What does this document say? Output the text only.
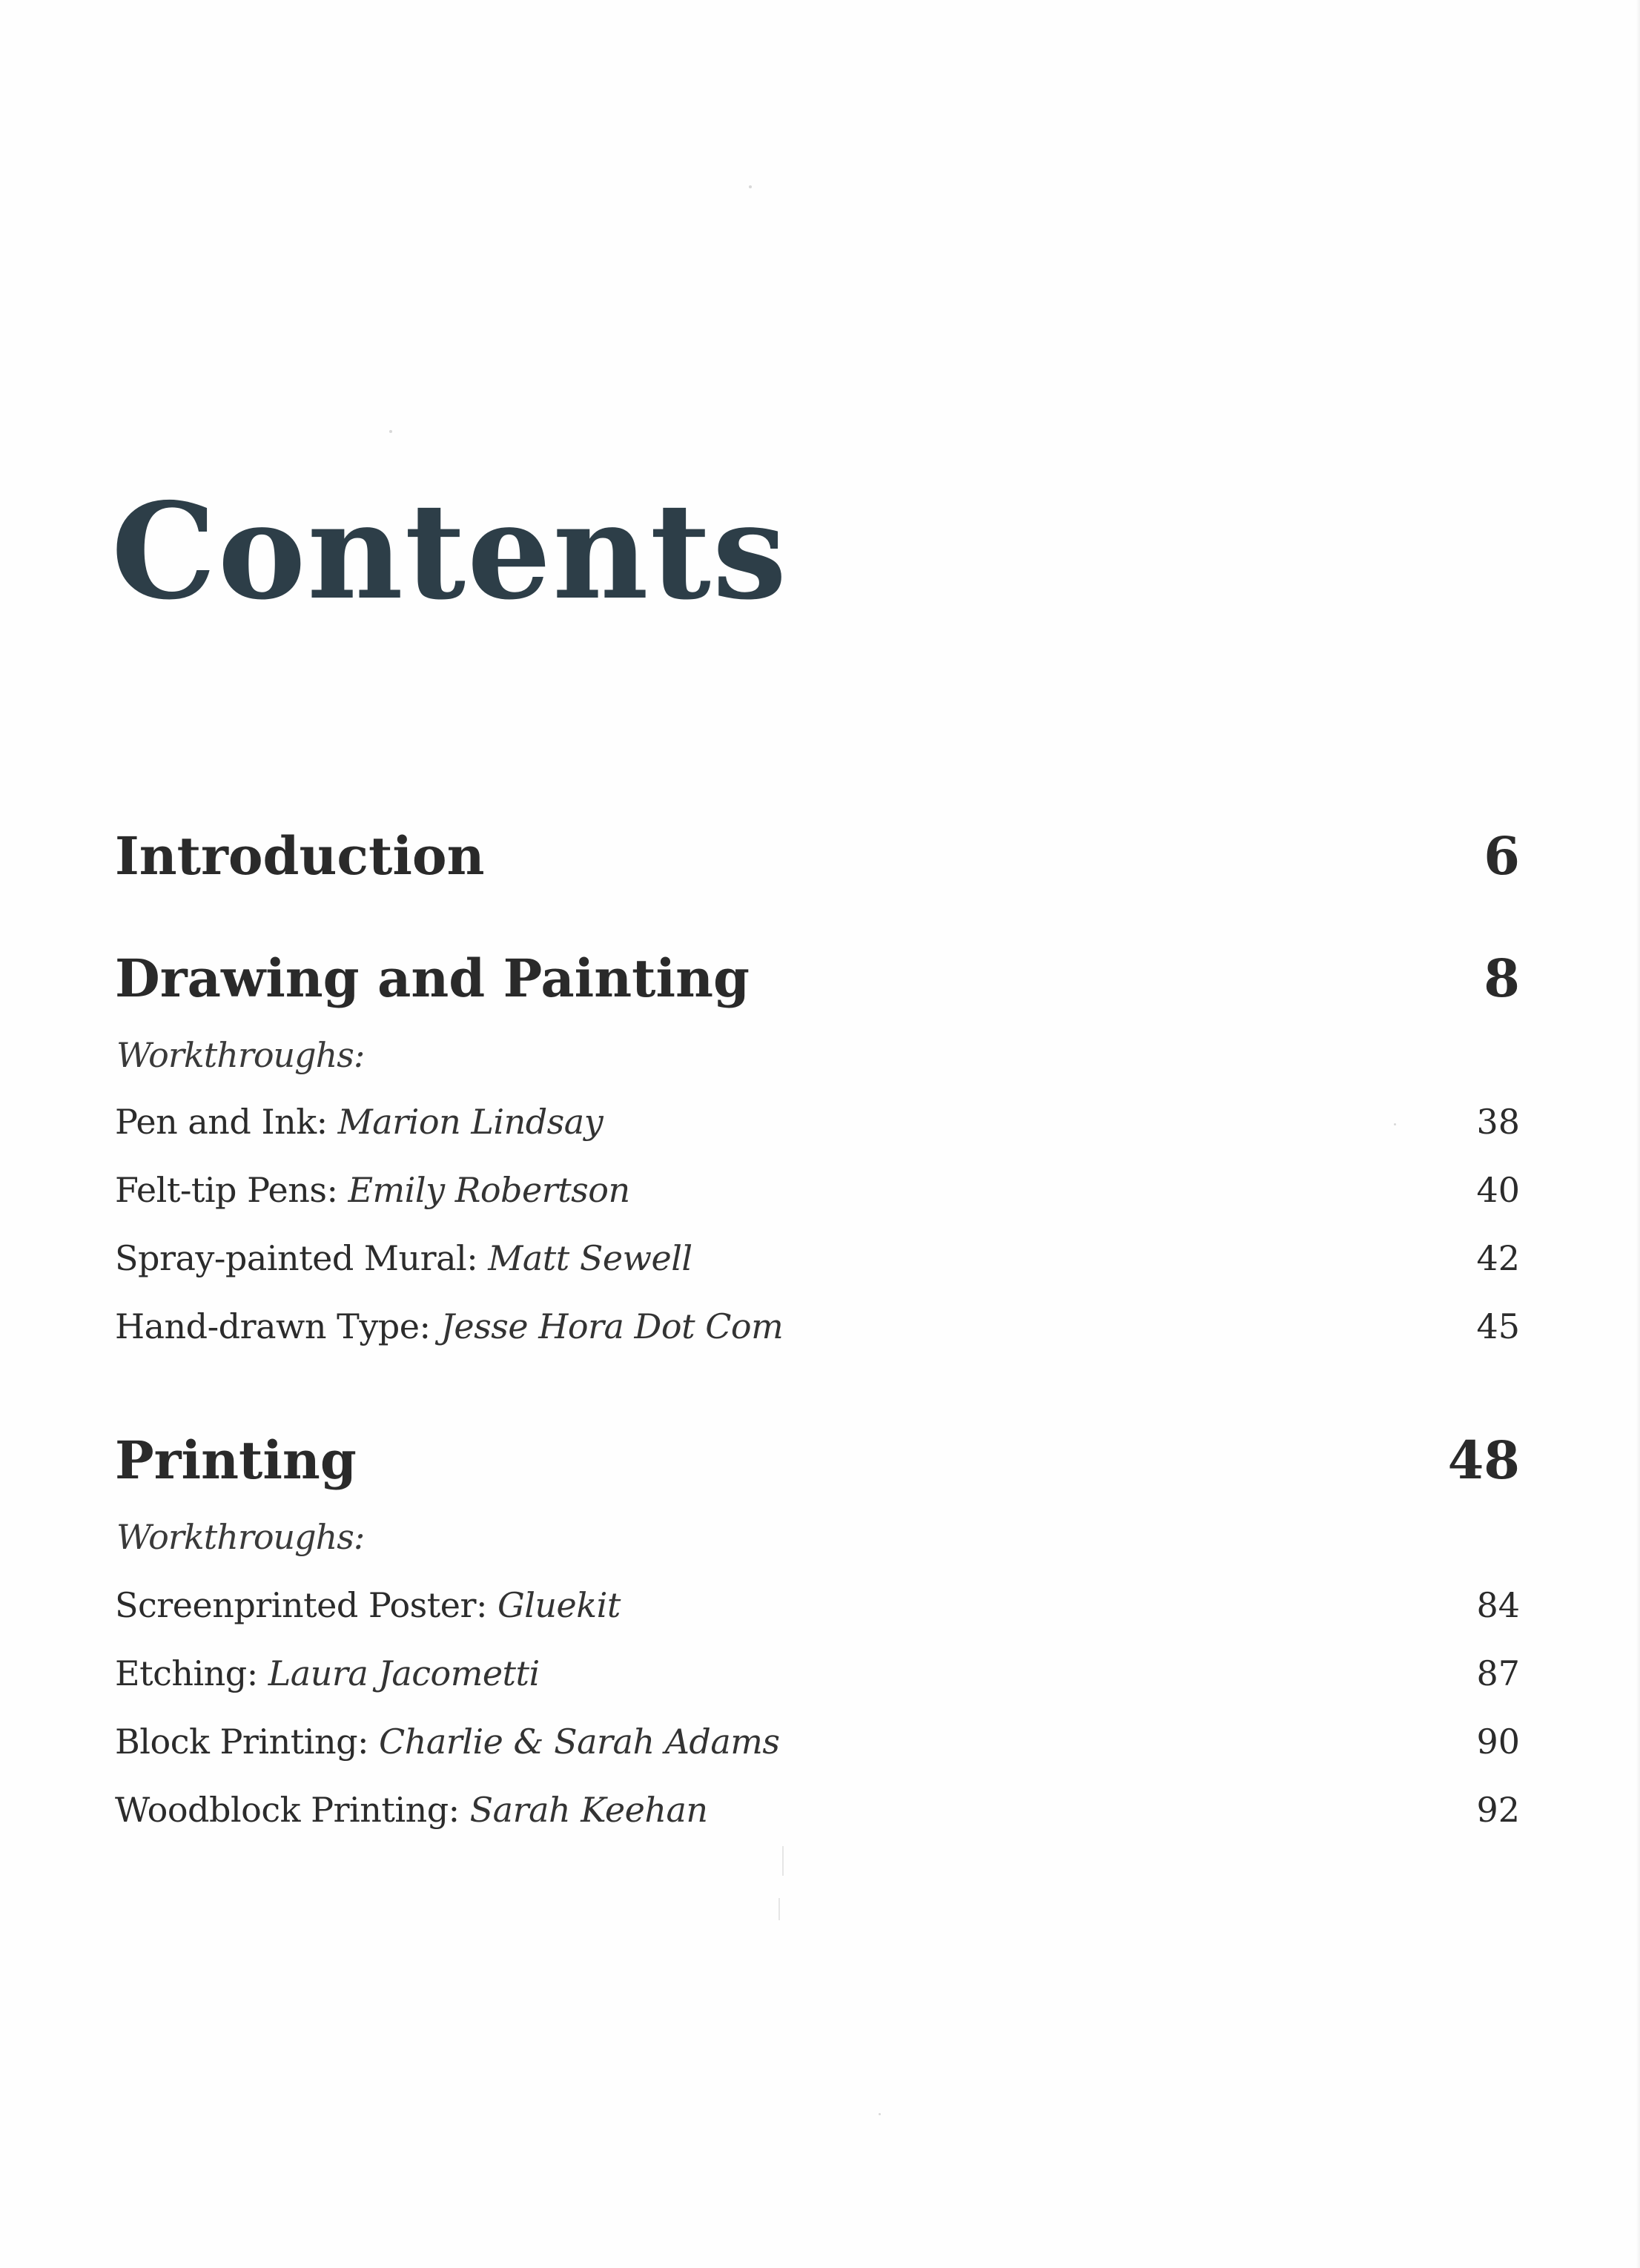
Contents
Introduction	6
Drawing and Painting	8
Workthroughs:
Pen and Ink: Marion Lindsay	38
Felt-tip Pens: Emily Robertson	40
Spray-painted Mural: Matt Sewell	42
Hand-drawn Type: Jesse Hora Dot Com	45
Printing	48
Workthroughs:
Screenprinted Poster: Gluekit	84
Etching: Laura Jacometti	87
Block Printing: Charlie & Sarah Adams	90
Woodblock Printing: Sarah Keehan	92
